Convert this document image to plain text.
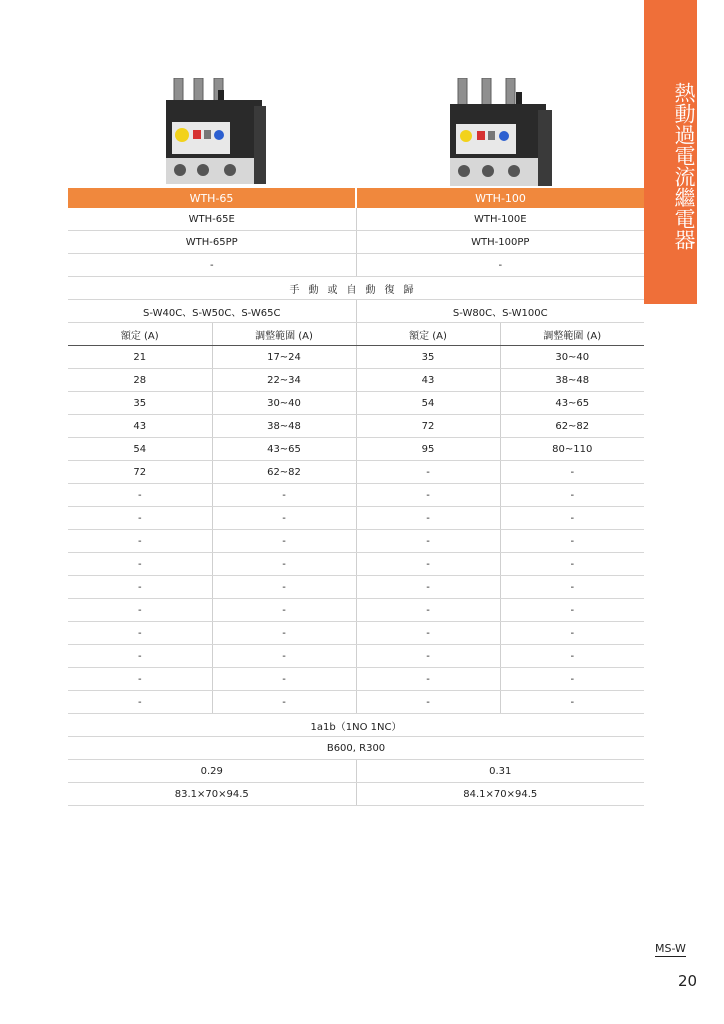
熱動過電流繼電器
WTH-65		WTH-100	
WTH-65E		WTH-100E	
WTH-65PP		WTH-100PP	
-		-	
手動或自動復歸			
S-W40C、S-W50C、S-W65C		S-W80C、S-W100C	
額定 (A)	調整範圍 (A)	額定 (A)	調整範圍 (A)
21	17~24	35	30~40
28	22~34	43	38~48
35	30~40	54	43~65
43	38~48	72	62~82
54	43~65	95	80~110
72	62~82	-	-
-	-	-	-
-	-	-	-
-	-	-	-
-	-	-	-
-	-	-	-
-	-	-	-
-	-	-	-
-	-	-	-
-	-	-	-
-	-	-	-
1a1b（1NO 1NC）			
B600, R300			
0.29		0.31	
83.1×70×94.5		84.1×70×94.5	
MS-W
20
